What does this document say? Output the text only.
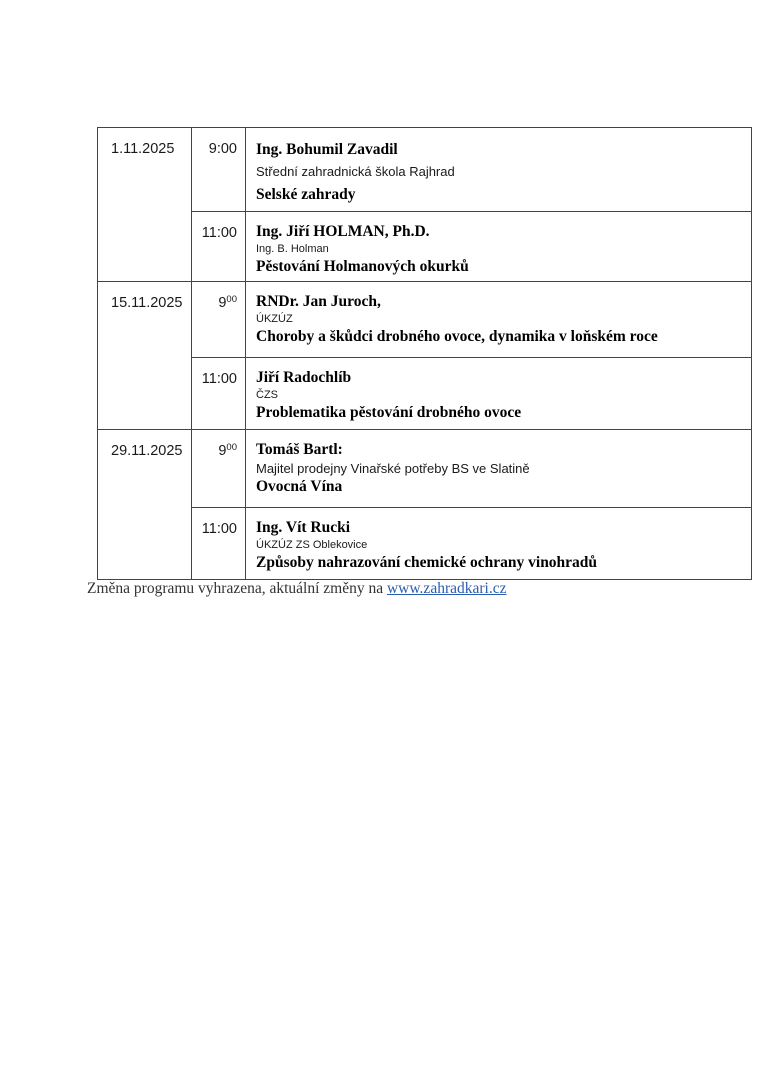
1.11.2025	9:00	Ing. Bohumil Zavadil
Střední zahradnická škola Rajhrad
Selské zahrady
11:00	Ing. Jiří HOLMAN, Ph.D.
Ing. B. Holman
Pěstování Holmanových okurků
15.11.2025	$9^{00}$	RNDr. Jan Juroch,
ÚKZÚZ
Choroby a škůdci drobného ovoce, dynamika v loňském roce
11:00	Jiří Radochlíb
ČZS
Problematika pěstování drobného ovoce
29.11.2025	$9^{00}$	Tomáš Bartl:
Majitel prodejny Vinařské potřeby BS ve Slatině
Ovocná Vína
11:00	Ing. Vít Rucki
ÚKZÚZ ZS Oblekovice
Způsoby nahrazování chemické ochrany vinohradů
Změna programu vyhrazena, aktuální změny na www.zahradkari.cz
